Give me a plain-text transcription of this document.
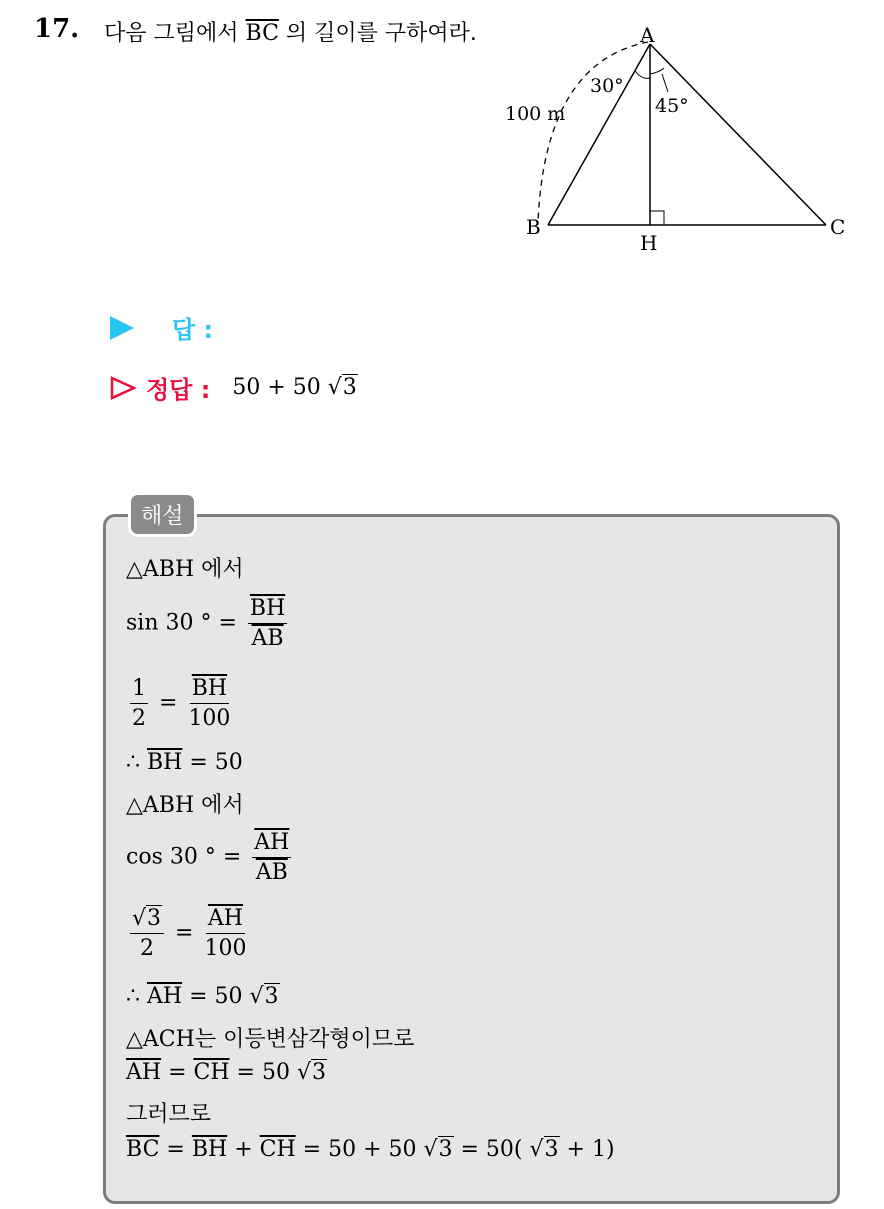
17. 다음 그림에서 $\overline{BC}$ 의 길이를 구하여라.	A
B	C
H
30°
45°
100 m
답 :
정답 : 50 + 50 √3
해설
△ABH 에서
sin 30 ° = $\frac{\overline{BH}}{AB}$
$\frac{1}{2} = \frac{\overline{BH}}{100}$
∴ $\overline{BH} = 50$
△ABH 에서
cos 30 ° = $\frac{\overline{AH}}{AB}$
$\frac{√3}{2} = \frac{\overline{AH}}{100}$
∴ $\overline{AH} = 50$ √3
△ACH는 이등변삼각형이므로
$\overline{AH} = \overline{CH} = 50$ √3
그러므로
$\overline{BC} = \overline{BH} + \overline{CH} = 50 + 50$ √3 = 50( √3 + 1)
